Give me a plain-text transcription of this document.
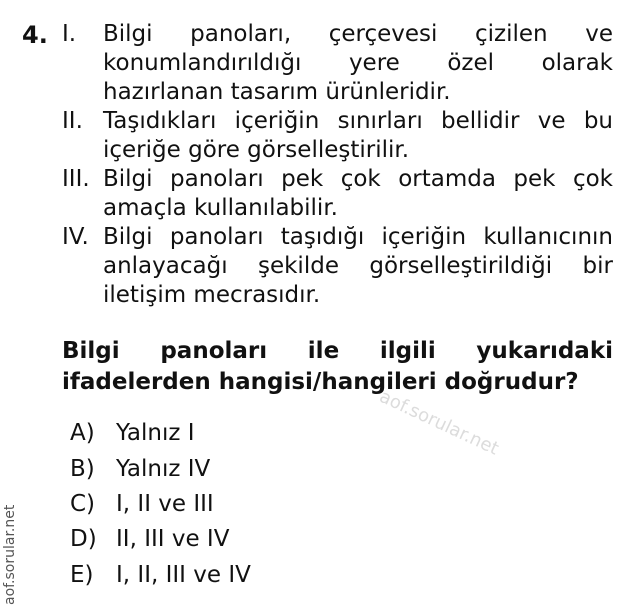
4. I. Bilgi panoları, çerçevesi çizilen ve konumlandırıldığı yere özel olarak hazırlanan tasarım ürünleridir.
II. Taşıdıkları içeriğin sınırları bellidir ve bu içeriğe göre görselleştirilir.
III. Bilgi panoları pek çok ortamda pek çok amaçla kullanılabilir.
IV. Bilgi panoları taşıdığı içeriğin kullanıcının anlayacağı şekilde görselleştirildiği bir iletişim mecrasıdır.
Bilgi panoları ile ilgili yukarıdaki ifadelerden hangisi/hangileri doğrudur?
aof.sorular.net
A) Yalnız I
B) Yalnız IV
C) I, II ve III
D) II, III ve IV
E) I, II, III ve IV
aof.sorular.net
